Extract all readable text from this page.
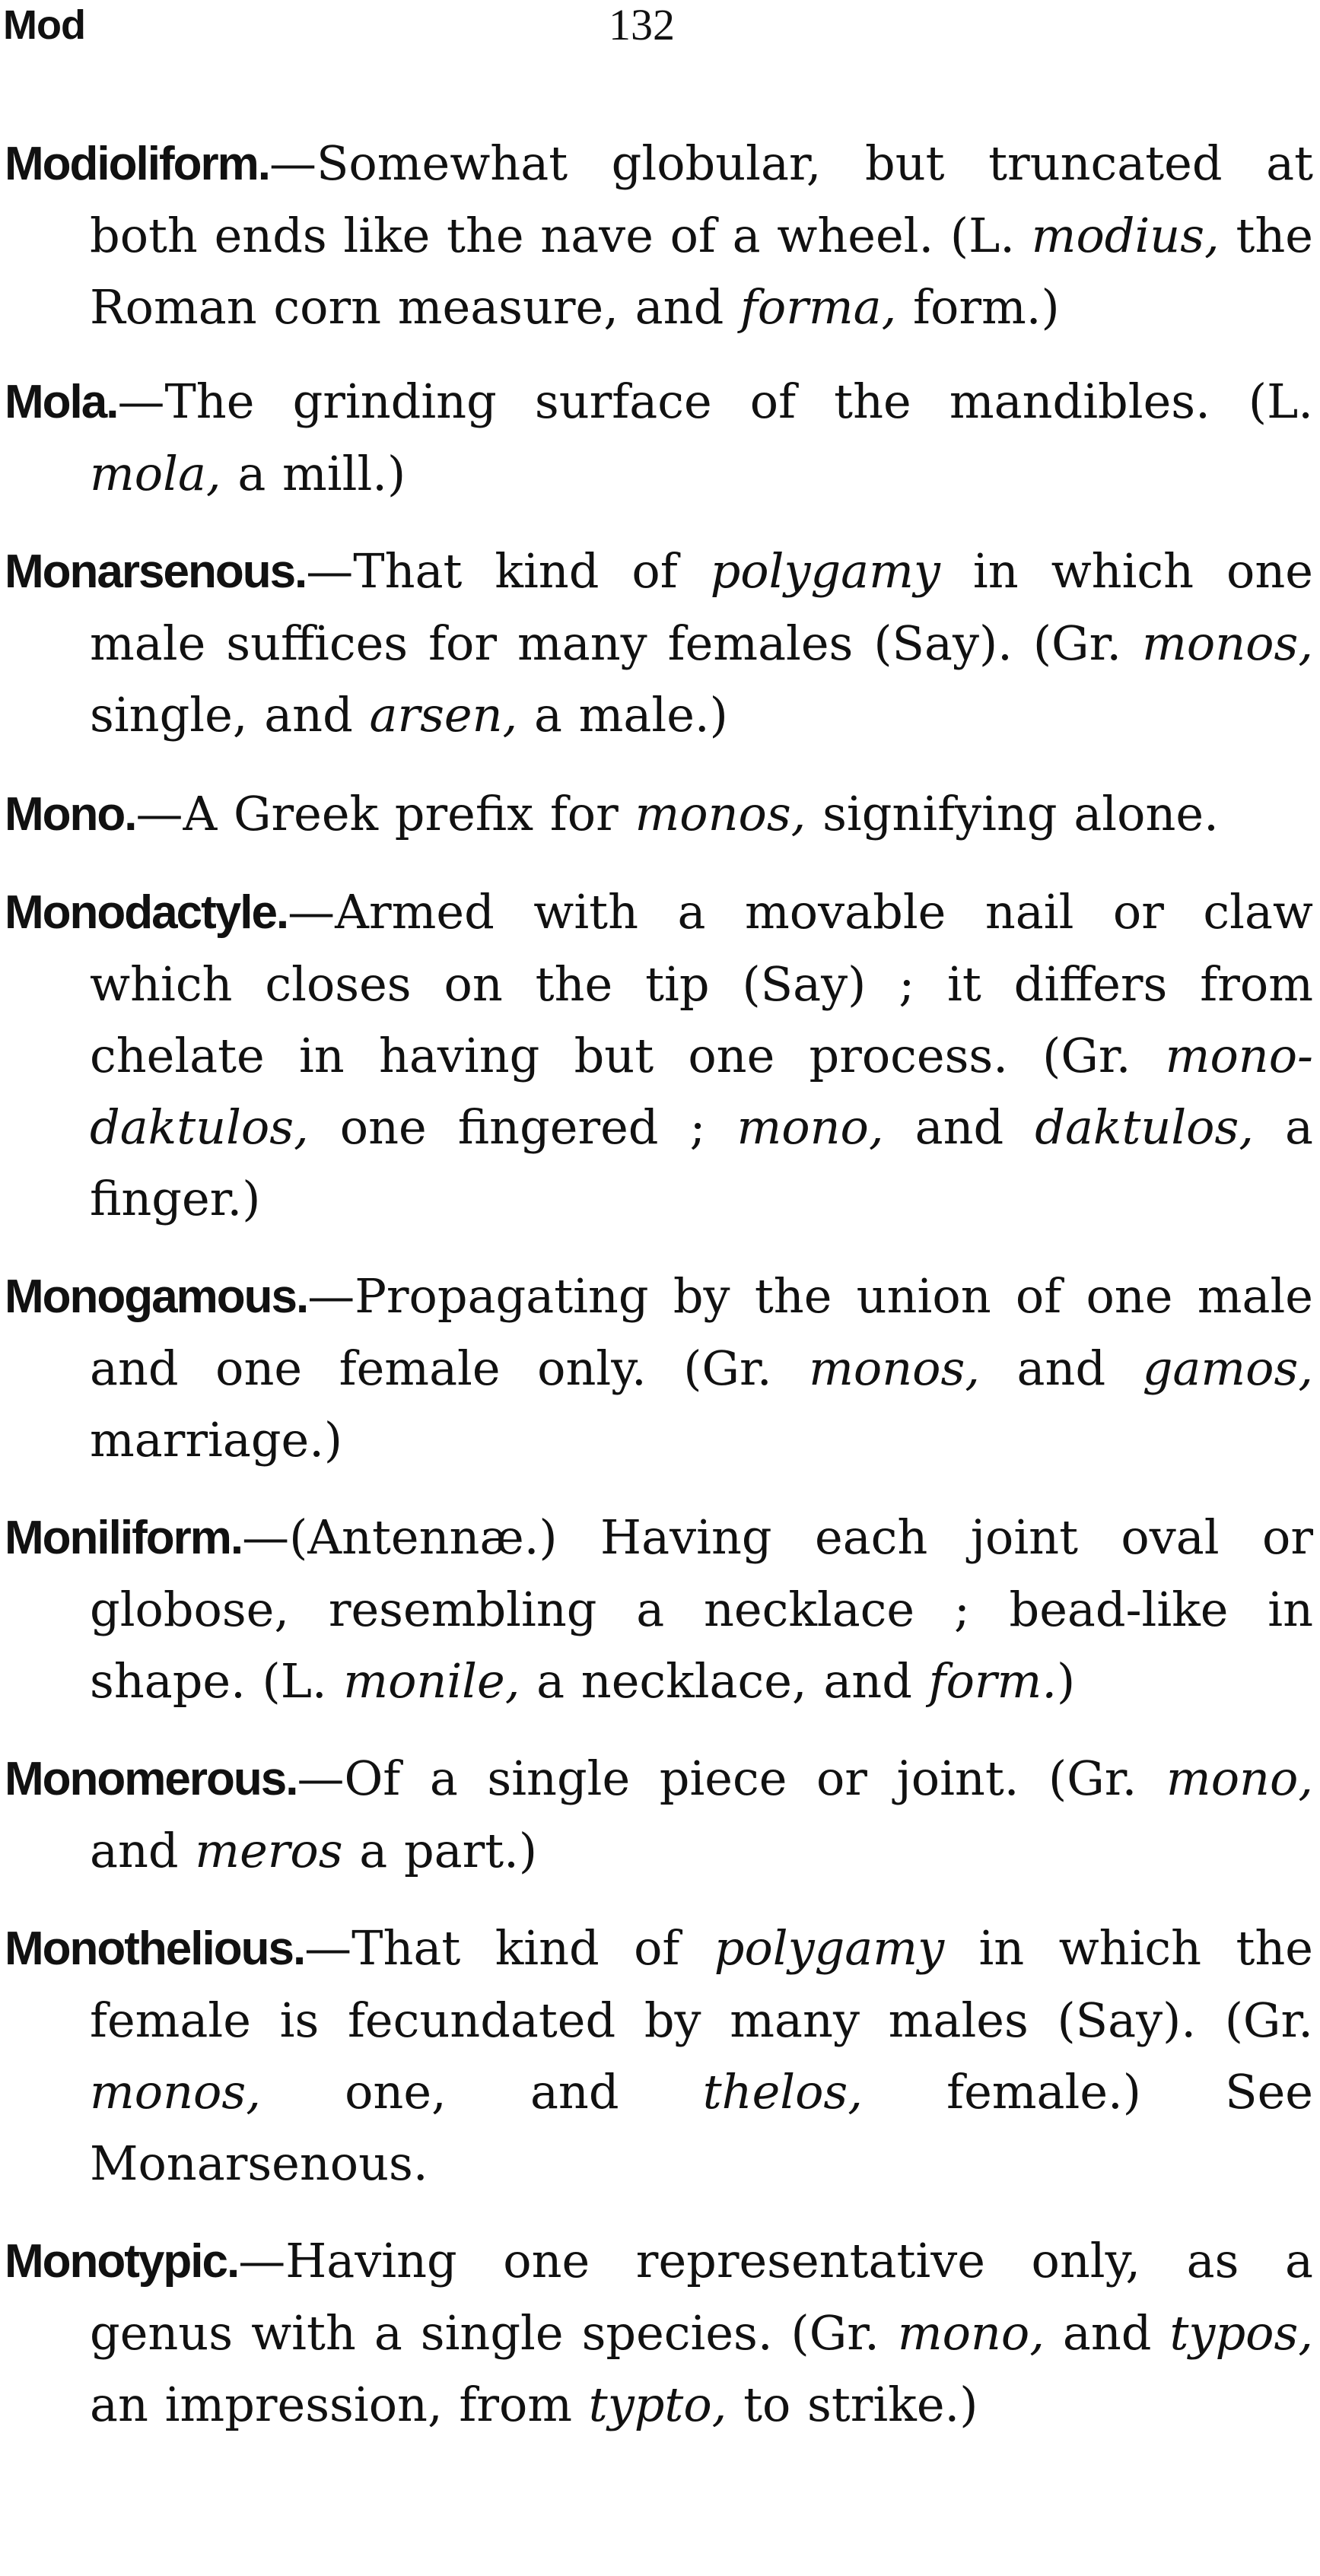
Mod	132

Modioliform.—Somewhat globular, but truncated at both ends like the nave of a wheel. (L. modius, the Roman corn measure, and forma, form.)

Mola.—The grinding surface of the mandibles. (L. mola, a mill.)

Monarsenous.—That kind of polygamy in which one male suffices for many females (Say). (Gr. monos, single, and arsen, a male.)

Mono.—A Greek prefix for monos, signifying alone.

Monodactyle.—Armed with a movable nail or claw which closes on the tip (Say) ; it differs from chelate in having but one process. (Gr. mono-daktulos, one fingered ; mono, and daktulos, a finger.)

Monogamous.—Propagating by the union of one male and one female only. (Gr. monos, and gamos, marriage.)

Moniliform.—(Antennæ.) Having each joint oval or globose, resembling a necklace ; bead-like in shape. (L. monile, a necklace, and form.)

Monomerous.—Of a single piece or joint. (Gr. mono, and meros a part.)

Monothelious.—That kind of polygamy in which the female is fecundated by many males (Say). (Gr. monos, one, and thelos, female.) See Monarsenous.

Monotypic.—Having one representative only, as a genus with a single species. (Gr. mono, and typos, an impression, from typto, to strike.)
